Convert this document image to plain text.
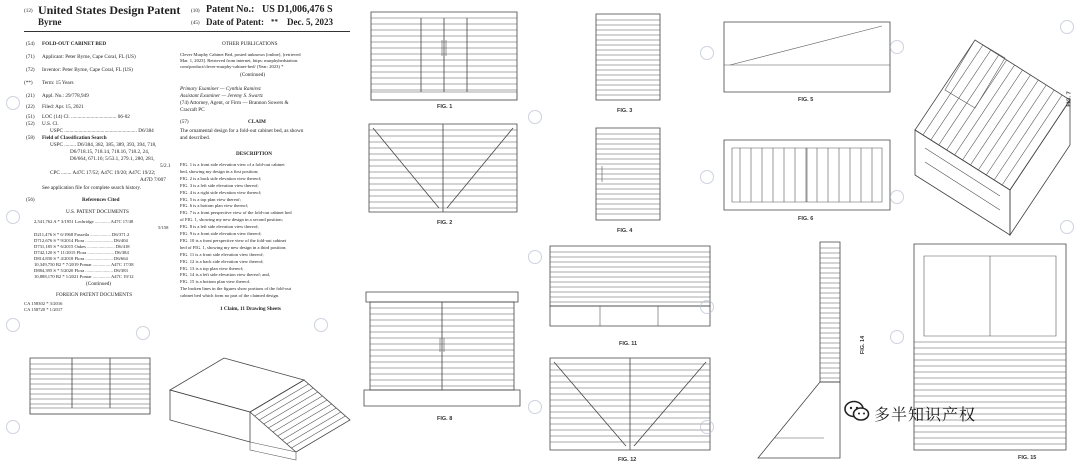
(12) United States Design Patent (10) Patent No.: US D1,006,476 S
Byrne	(45) Date of Patent: ** Dec. 5, 2023
(54) FOLD-OUT CABINET BED
(71) Applicant: Peter Byrne, Cape Coral, FL (US)
(72) Inventor: Peter Byrne, Cape Coral, FL (US)
(**) Term: 15 Years
(21) Appl. No.: 29/778,949
(22) Filed: Apr. 15, 2021
(51) LOC (14) Cl. ................................... 06-02
(52) U.S. Cl.
USPC ........................................................ D6/384
(58) Field of Classification Search
USPC ......... D6/384, 382, 385, 389, 393, 394, 718,
D6/718.15, 718.14, 718.16, 718.2, 24,
D6/664, 671.16; 5/53.1, 279.1, 280, 281,
5/2.1
CPC ........ A47C 17/52; A47C 19/20; A47C 19/22;
A47D 7/007
See application file for complete search history.
(56)	References Cited
U.S. PATENT DOCUMENTS
2,541,762 A * 3/1951 Lochridge ............. A47C 17/48
5/158
D211,476 S * 6/1968 Fasseila .................. D6/371.2
D712,676 S * 9/2014 Flora ........................ D6/404
D731,185 S * 6/2015 Oakes ........................ D6/418
D742,120 S * 11/2015 Flora ....................... D6/384
D814,830 S * 4/2018 Flora ........................ D6/664
10,349,750 B2 * 7/2019 Pomar ............... A47C 17/38
D884,395 S * 5/2020 Flora ........................ D6/383
10,888,170 B2 * 1/2021 Pomar ............... A47C 19/12
(Continued)
FOREIGN PATENT DOCUMENTS
CA 158302 * 3/2016
CA 158720 * 1/2017
OTHER PUBLICATIONS
Clever Murphy Cabinet Bed, posted unknown [online], [retrieved
Mar. 1, 2023]. Retrieved from internet, https: murphybedstation.
com/product/clever-murphy-cabinet-bed/ (Year: 2023) *
(Continued)
Primary Examiner — Cynthia Ramirez
Assistant Examiner — Jeremy S. Swartz
(74) Attorney, Agent, or Firm — Brannon Sowers &
Cracraft PC
(57)	CLAIM
The ornamental design for a fold-out cabinet bed, as shown
and described.
DESCRIPTION
FIG. 1 is a front side elevation view of a fold-out cabinet
bed, showing my design in a first position;
FIG. 2 is a back side elevation view thereof;
FIG. 3 is a left side elevation view thereof;
FIG. 4 is a right side elevation view thereof;
FIG. 5 is a top plan view thereof;
FIG. 6 is a bottom plan view thereof;
FIG. 7 is a front perspective view of the fold-out cabinet bed
of FIG. 1, showing my new design in a second position;
FIG. 8 is a left side elevation view thereof;
FIG. 9 is a front side elevation view thereof;
FIG. 10 is a front perspective view of the fold-out cabinet
bed of FIG. 1, showing my new design in a third position;
FIG. 11 is a front side elevation view thereof;
FIG. 12 is a back side elevation view thereof;
FIG. 13 is a top plan view thereof;
FIG. 14 is a left side elevation view thereof; and,
FIG. 15 is a bottom plan view thereof.
The broken lines in the figures show portions of the fold-out
cabinet bed which form no part of the claimed design.
1 Claim, 11 Drawing Sheets
FIG. 1
FIG. 2
FIG. 3
FIG. 4
FIG. 5
FIG. 6
FIG. 7
FIG. 8
FIG. 11
FIG. 12
FIG. 14
FIG. 15
多半知识产权
